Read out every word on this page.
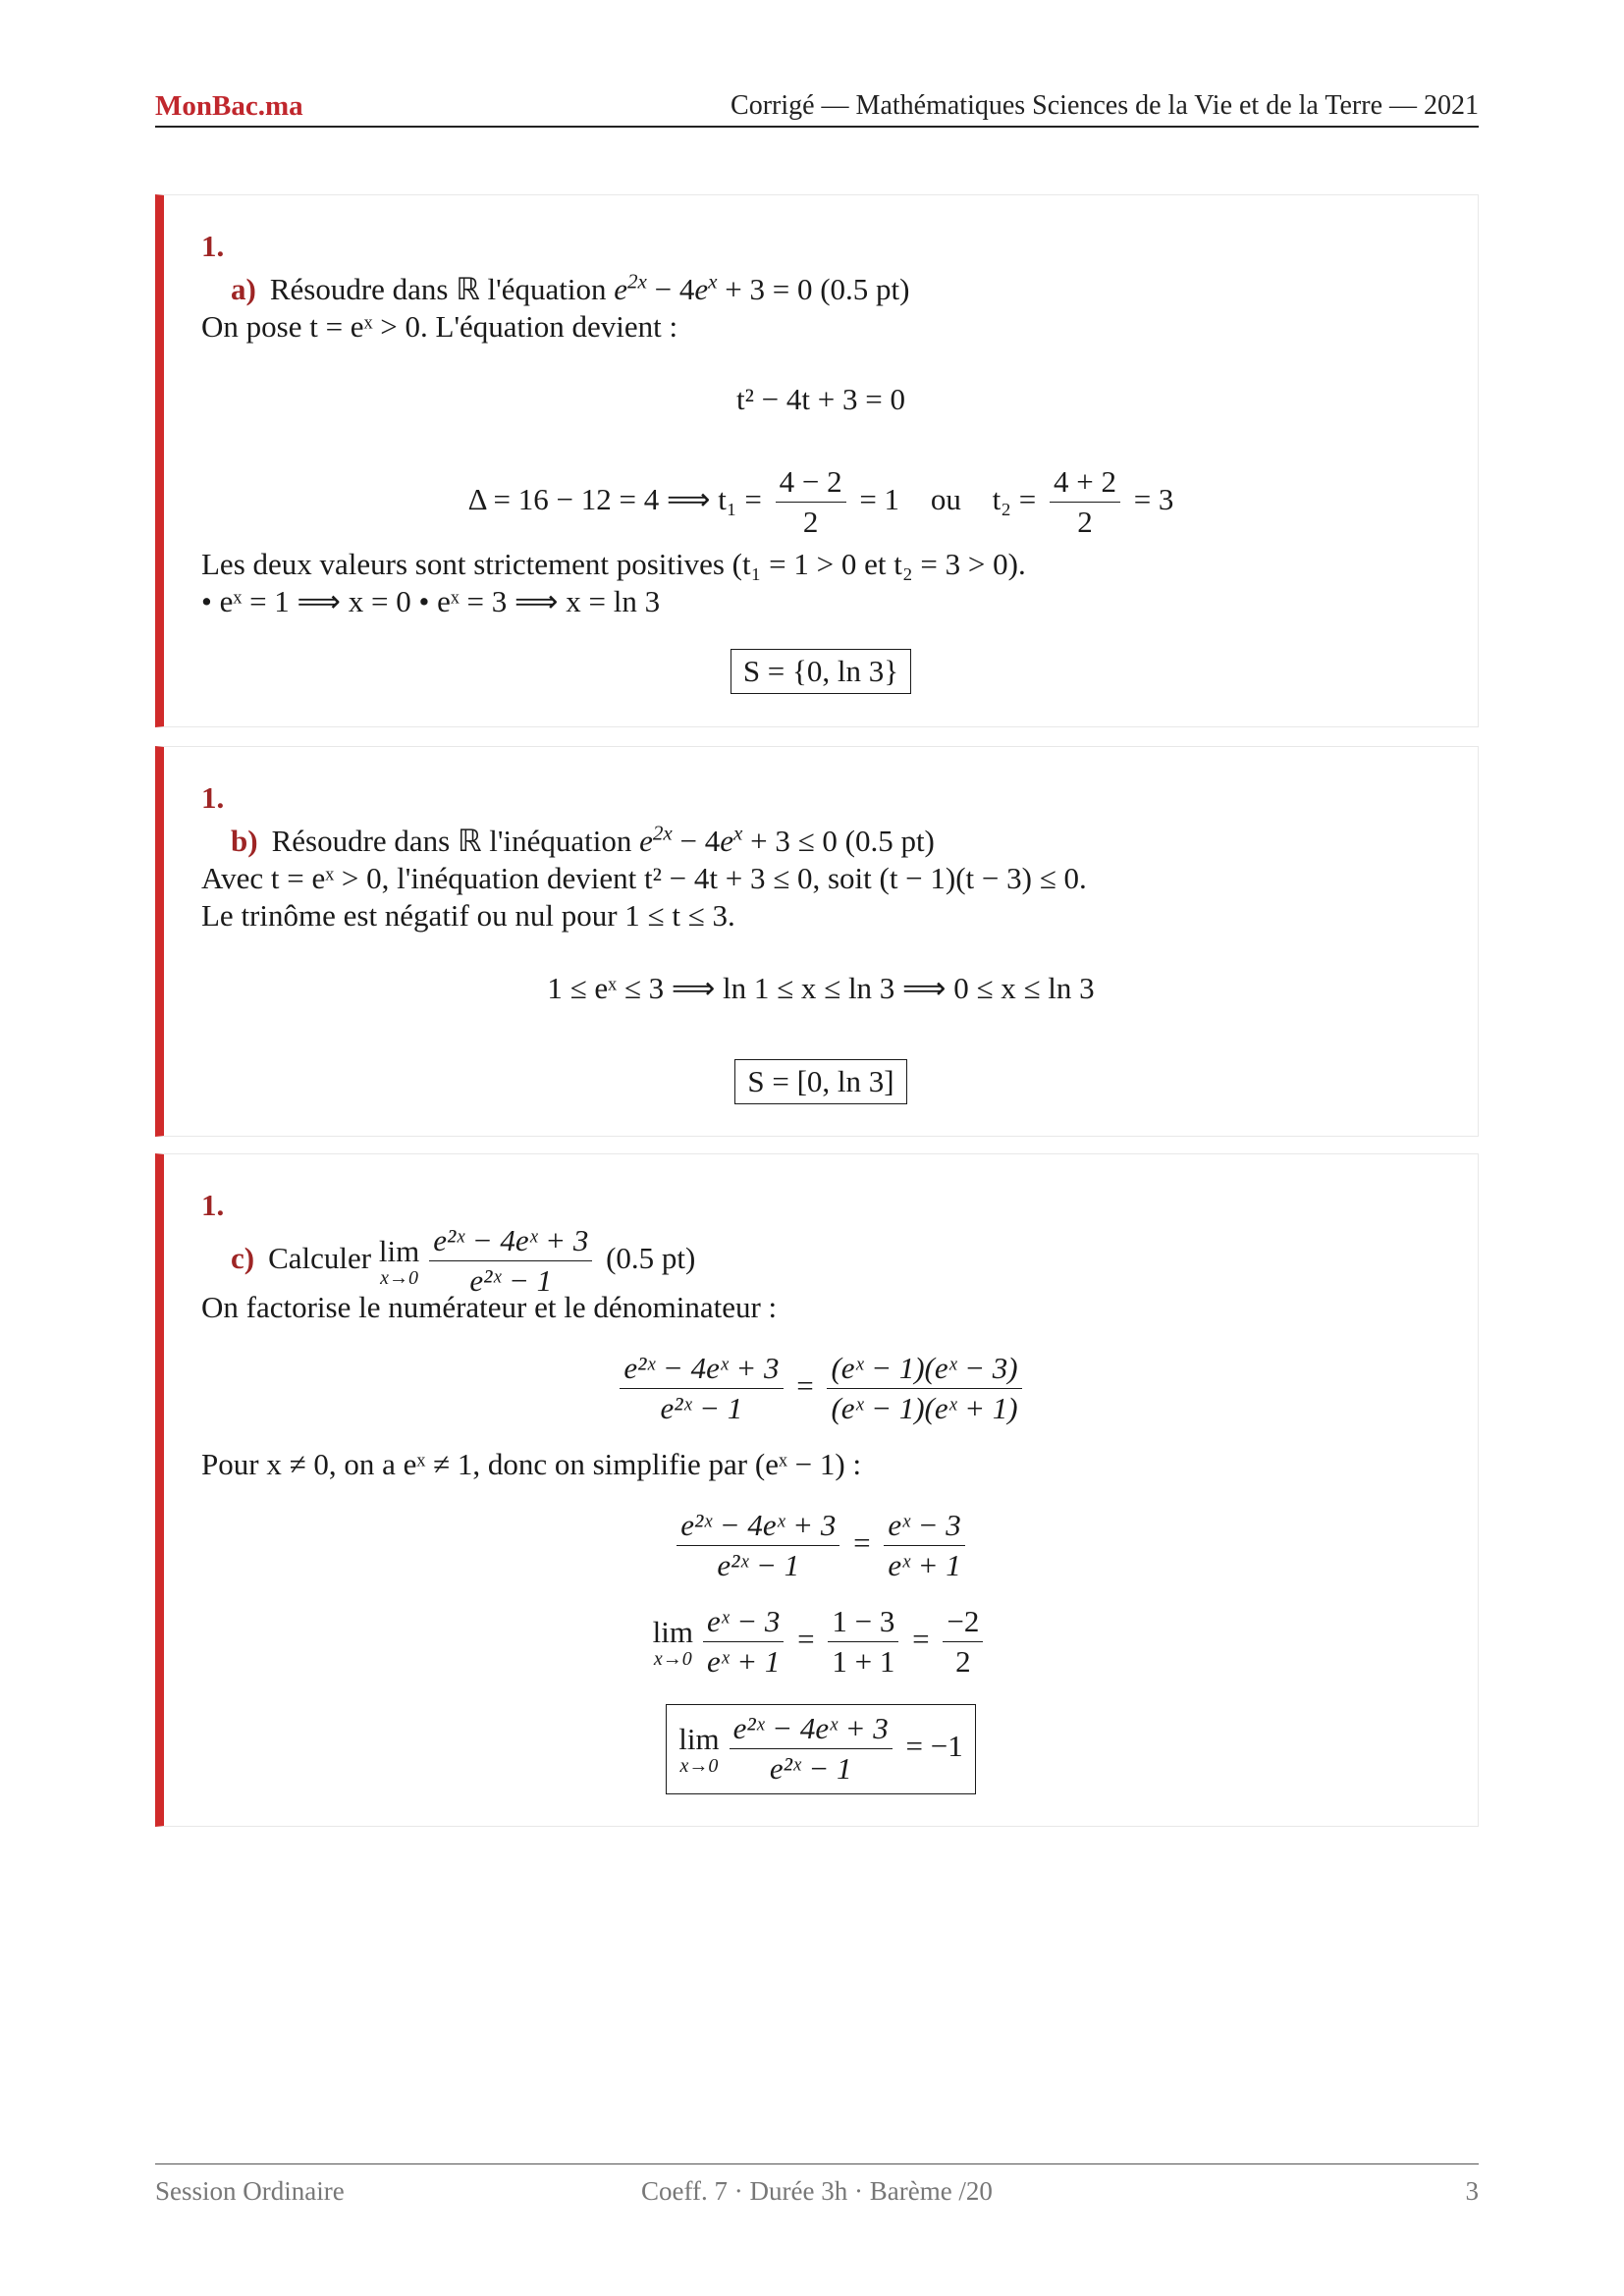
MonBac.ma	Corrigé — Mathématiques Sciences de la Vie et de la Terre — 2021
1.
a) Résoudre dans ℝ l'équation $e^{2x} - 4e^x + 3 = 0$ (0.5 pt)
On pose t = eˣ > 0. L'équation devient :
t² − 4t + 3 = 0
Δ = 16 − 12 = 4 ⟹ $t_1 = \frac{4 - 2}{2} = 1$ ou $t_2 = \frac{4 + 2}{2} = 3$
Les deux valeurs sont strictement positives (t₁ = 1 > 0 et t₂ = 3 > 0).
• eˣ = 1 ⟹ x = 0 • eˣ = 3 ⟹ x = ln 3
S = {0, ln 3}
1.
b) Résoudre dans ℝ l'inéquation $e^{2x} - 4e^x + 3 \le 0$ (0.5 pt)
Avec t = eˣ > 0, l'inéquation devient t² − 4t + 3 ≤ 0, soit (t − 1)(t − 3) ≤ 0.
Le trinôme est négatif ou nul pour 1 ≤ t ≤ 3.
1 ≤ eˣ ≤ 3 ⟹ ln 1 ≤ x ≤ ln 3 ⟹ 0 ≤ x ≤ ln 3
S = [0, ln 3]
1.
c) Calculer lim
$x\to 0 \frac{\text{e²ˣ − 4eˣ + 3}}{\text{e²ˣ − 1}} (0.5$ pt)
On factorise le numérateur et le dénominateur :
$\frac{\text{e²ˣ − 4eˣ + 3}}{\text{e²ˣ − 1}} = \frac{\text{(eˣ − 1)(eˣ − 3)}}{\text{(eˣ − 1)(eˣ + 1)}}$
Pour x ≠ 0, on a eˣ ≠ 1, donc on simplifie par (eˣ − 1) :
$\frac{\text{e²ˣ − 4eˣ + 3}}{\text{e²ˣ − 1}} = \frac{\text{eˣ − 3}}{\text{eˣ + 1}}$
lim
$x\to 0 \frac{\text{eˣ − 3}}{\text{eˣ + 1}} = \frac{1 - 3}{1 + 1} = \frac{-2}{2}$
lim
$x\to 0 \frac{\text{e²ˣ − 4eˣ + 3}}{\text{e²ˣ − 1}} = -1$
Session Ordinaire	Coeff. 7 · Durée 3h · Barème /20	3
